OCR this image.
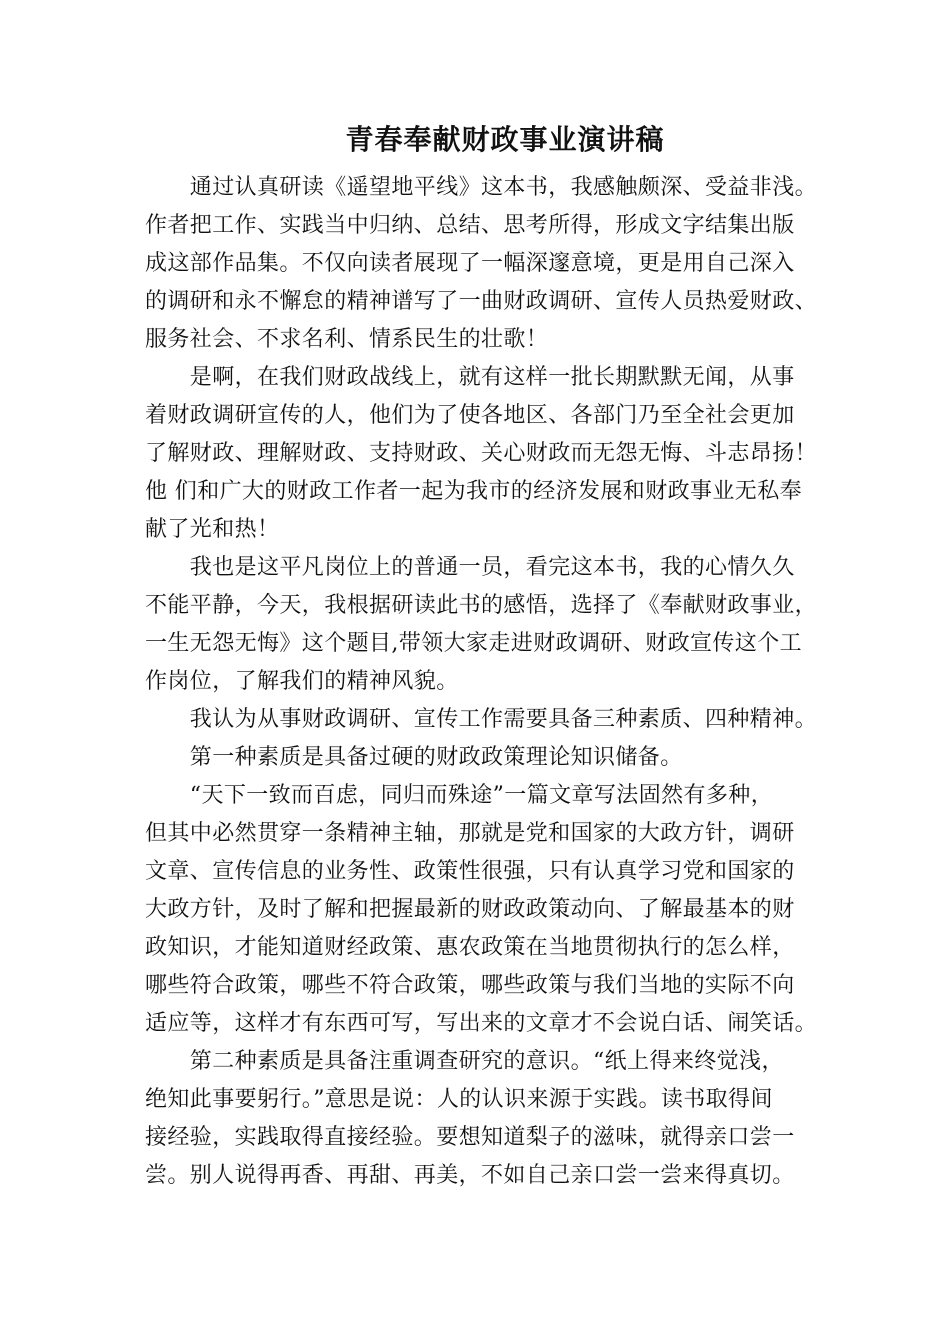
青春奉献财政事业演讲稿
　　通过认真研读《遥望地平线》这本书，我感触颇深、受益非浅。
作者把工作、实践当中归纳、总结、思考所得，形成文字结集出版
成这部作品集。不仅向读者展现了一幅深邃意境，更是用自己深入
的调研和永不懈怠的精神谱写了一曲财政调研、宣传人员热爱财政、
服务社会、不求名利、情系民生的壮歌！
　　是啊，在我们财政战线上，就有这样一批长期默默无闻，从事
着财政调研宣传的人，他们为了使各地区、各部门乃至全社会更加
了解财政、理解财政、支持财政、关心财政而无怨无悔、斗志昂扬！
他 们和广大的财政工作者一起为我市的经济发展和财政事业无私奉
献了光和热！
　　我也是这平凡岗位上的普通一员，看完这本书，我的心情久久
不能平静，今天，我根据研读此书的感悟，选择了《奉献财政事业，
一生无怨无悔》这个题目,带领大家走进财政调研、财政宣传这个工
作岗位，了解我们的精神风貌。
　　我认为从事财政调研、宣传工作需要具备三种素质、四种精神。
　　第一种素质是具备过硬的财政政策理论知识储备。
　　“天下一致而百虑，同归而殊途”一篇文章写法固然有多种，
但其中必然贯穿一条精神主轴，那就是党和国家的大政方针，调研
文章、宣传信息的业务性、政策性很强，只有认真学习党和国家的
大政方针，及时了解和把握最新的财政政策动向、了解最基本的财
政知识，才能知道财经政策、惠农政策在当地贯彻执行的怎么样，
哪些符合政策，哪些不符合政策，哪些政策与我们当地的实际不向
适应等，这样才有东西可写，写出来的文章才不会说白话、闹笑话。
　　第二种素质是具备注重调查研究的意识。“纸上得来终觉浅，
绝知此事要躬行。”意思是说：人的认识来源于实践。读书取得间
接经验，实践取得直接经验。要想知道梨子的滋味，就得亲口尝一
尝。别人说得再香、再甜、再美，不如自己亲口尝一尝来得真切。
